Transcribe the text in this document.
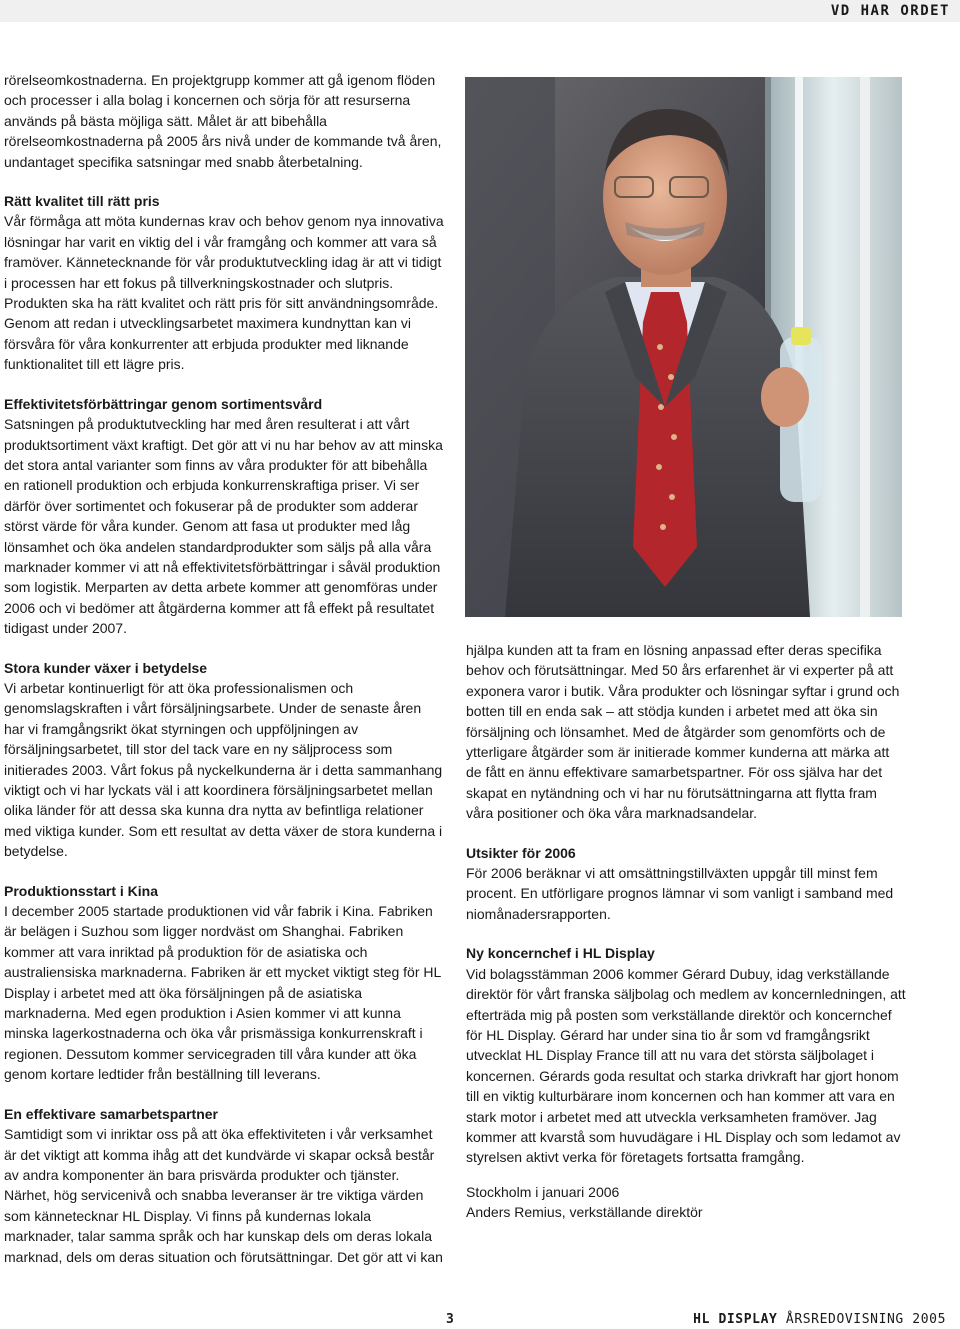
VD HAR ORDET

rörelseomkostnaderna. En projektgrupp kommer att gå igenom flöden och processer i alla bolag i koncernen och sörja för att resurserna används på bästa möjliga sätt. Målet är att bibehålla rörelseomkostnaderna på 2005 års nivå under de kommande två åren, undantaget specifika satsningar med snabb återbetalning.

Rätt kvalitet till rätt pris

Vår förmåga att möta kundernas krav och behov genom nya innovativa lösningar har varit en viktig del i vår framgång och kommer att vara så framöver. Kännetecknande för vår produktutveckling idag är att vi tidigt i processen har ett fokus på tillverkningskostnader och slutpris. Produkten ska ha rätt kvalitet och rätt pris för sitt användningsområde. Genom att redan i utvecklingsarbetet maximera kundnyttan kan vi försvåra för våra konkurrenter att erbjuda produkter med liknande funktionalitet till ett lägre pris.

Effektivitetsförbättringar genom sortimentsvård

Satsningen på produktutveckling har med åren resulterat i att vårt produktsortiment växt kraftigt. Det gör att vi nu har behov av att minska det stora antal varianter som finns av våra produkter för att bibehålla en rationell produktion och erbjuda konkurrenskraftiga priser. Vi ser därför över sortimentet och fokuserar på de produkter som adderar störst värde för våra kunder. Genom att fasa ut produkter med låg lönsamhet och öka andelen standardprodukter som säljs på alla våra marknader kommer vi att nå effektivitetsförbättringar i såväl produktion som logistik. Merparten av detta arbete kommer att genomföras under 2006 och vi bedömer att åtgärderna kommer att få effekt på resultatet tidigast under 2007.

Stora kunder växer i betydelse

Vi arbetar kontinuerligt för att öka professionalismen och genomslagskraften i vårt försäljningsarbete. Under de senaste åren har vi framgångsrikt ökat styrningen och uppföljningen av försäljningsarbetet, till stor del tack vare en ny säljprocess som initierades 2003. Vårt fokus på nyckelkunderna är i detta sammanhang viktigt och vi har lyckats väl i att koordinera försäljningsarbetet mellan olika länder för att dessa ska kunna dra nytta av befintliga relationer med viktiga kunder. Som ett resultat av detta växer de stora kunderna i betydelse.

Produktionsstart i Kina

I december 2005 startade produktionen vid vår fabrik i Kina. Fabriken är belägen i Suzhou som ligger nordväst om Shanghai. Fabriken kommer att vara inriktad på produktion för de asiatiska och australiensiska marknaderna. Fabriken är ett mycket viktigt steg för HL Display i arbetet med att öka försäljningen på de asiatiska marknaderna. Med egen produktion i Asien kommer vi att kunna minska lagerkostnaderna och öka vår prismässiga konkurrenskraft i regionen. Dessutom kommer servicegraden till våra kunder att öka genom kortare ledtider från beställning till leverans.

En effektivare samarbetspartner

Samtidigt som vi inriktar oss på att öka effektiviteten i vår verksamhet är det viktigt att komma ihåg att det kundvärde vi skapar också består av andra komponenter än bara prisvärda produkter och tjänster. Närhet, hög servicenivå och snabba leveranser är tre viktiga värden som kännetecknar HL Display. Vi finns på kundernas lokala marknader, talar samma språk och har kunskap dels om deras lokala marknad, dels om deras situation och förutsättningar. Det gör att vi kan

hjälpa kunden att ta fram en lösning anpassad efter deras specifika behov och förutsättningar. Med 50 års erfarenhet är vi experter på att exponera varor i butik. Våra produkter och lösningar syftar i grund och botten till en enda sak – att stödja kunden i arbetet med att öka sin försäljning och lönsamhet. Med de åtgärder som genomförts och de ytterligare åtgärder som är initierade kommer kunderna att märka att de fått en ännu effektivare samarbetspartner. För oss själva har det skapat en nytändning och vi har nu förutsättningarna att flytta fram våra positioner och öka våra marknadsandelar.

Utsikter för 2006

För 2006 beräknar vi att omsättningstillväxten uppgår till minst fem procent. En utförligare prognos lämnar vi som vanligt i samband med niomånadersrapporten.

Ny koncernchef i HL Display

Vid bolagsstämman 2006 kommer Gérard Dubuy, idag verkställande direktör för vårt franska säljbolag och medlem av koncernledningen, att efterträda mig på posten som verkställande direktör och koncernchef för HL Display. Gérard har under sina tio år som vd framgångsrikt utvecklat HL Display France till att nu vara det största säljbolaget i koncernen. Gérards goda resultat och starka drivkraft har gjort honom till en viktig kulturbärare inom koncernen och han kommer att vara en stark motor i arbetet med att utveckla verksamheten framöver. Jag kommer att kvarstå som huvudägare i HL Display och som ledamot av styrelsen aktivt verka för företagets fortsatta framgång.

Stockholm i januari 2006

Anders Remius, verkställande direktör

3	HL DISPLAY ÅRSREDOVISNING 2005
